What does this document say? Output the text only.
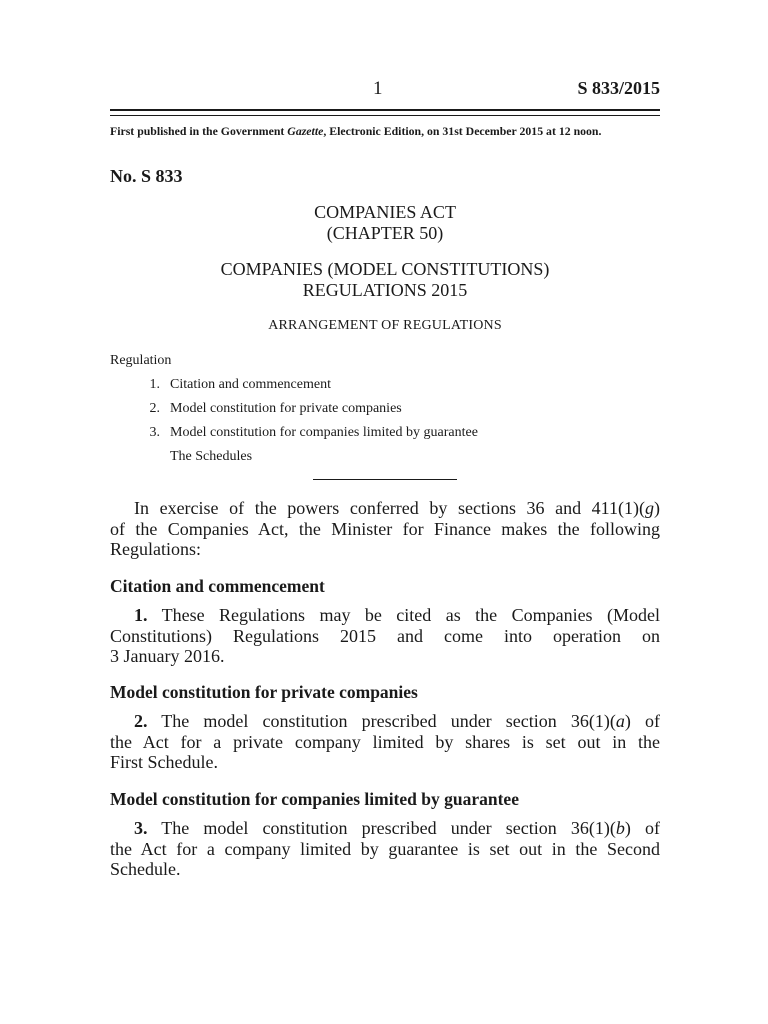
1	S 833/2015
First published in the Government Gazette, Electronic Edition, on 31st December 2015 at 12 noon.
No. S 833
COMPANIES ACT
(CHAPTER 50)
COMPANIES (MODEL CONSTITUTIONS)
REGULATIONS 2015
ARRANGEMENT OF REGULATIONS
Regulation
1. Citation and commencement
2. Model constitution for private companies
3. Model constitution for companies limited by guarantee
The Schedules
In exercise of the powers conferred by sections 36 and 411(1)(g)
of the Companies Act, the Minister for Finance makes the following
Regulations:
Citation and commencement
1. These Regulations may be cited as the Companies (Model
Constitutions) Regulations 2015 and come into operation on
3 January 2016.
Model constitution for private companies
2. The model constitution prescribed under section 36(1)(a) of
the Act for a private company limited by shares is set out in the
First Schedule.
Model constitution for companies limited by guarantee
3. The model constitution prescribed under section 36(1)(b) of
the Act for a company limited by guarantee is set out in the Second
Schedule.
